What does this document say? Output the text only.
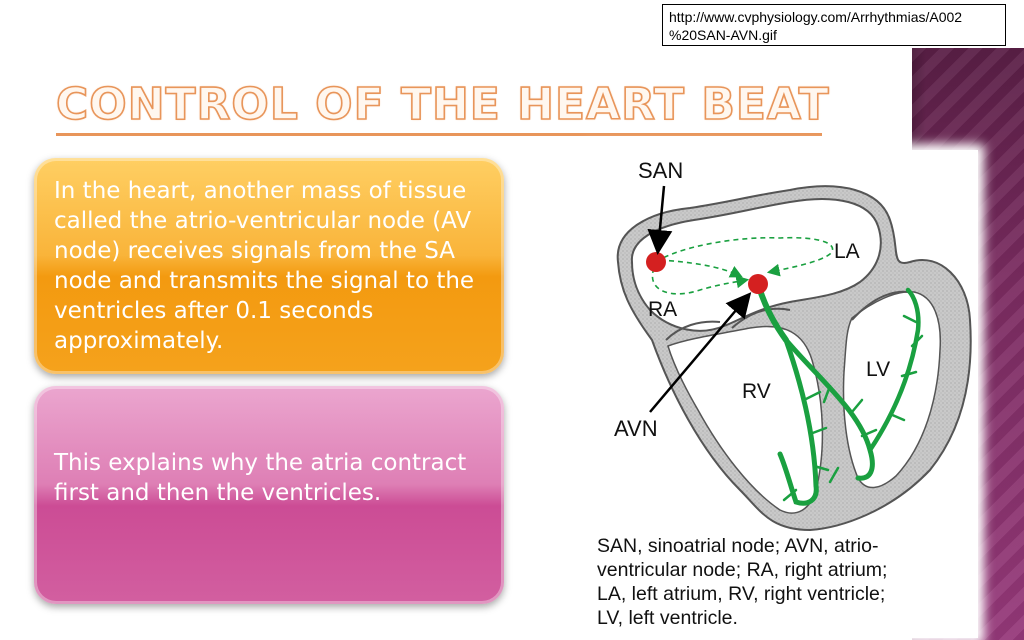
http://www.cvphysiology.com/Arrhythmias/A002
%20SAN-AVN.gif
CONTROL OF THE HEART BEAT
In the heart, another mass of tissue called the atrio-ventricular node (AV node) receives signals from the SA node and transmits the signal to the ventricles after 0.1 seconds approximately.
This explains why the atria contract first and then the ventricles.
SAN
LA
RA
LV
RV
AVN
SAN, sinoatrial node; AVN, atrio-
ventricular node; RA, right atrium;
LA, left atrium, RV, right ventricle;
LV, left ventricle.
